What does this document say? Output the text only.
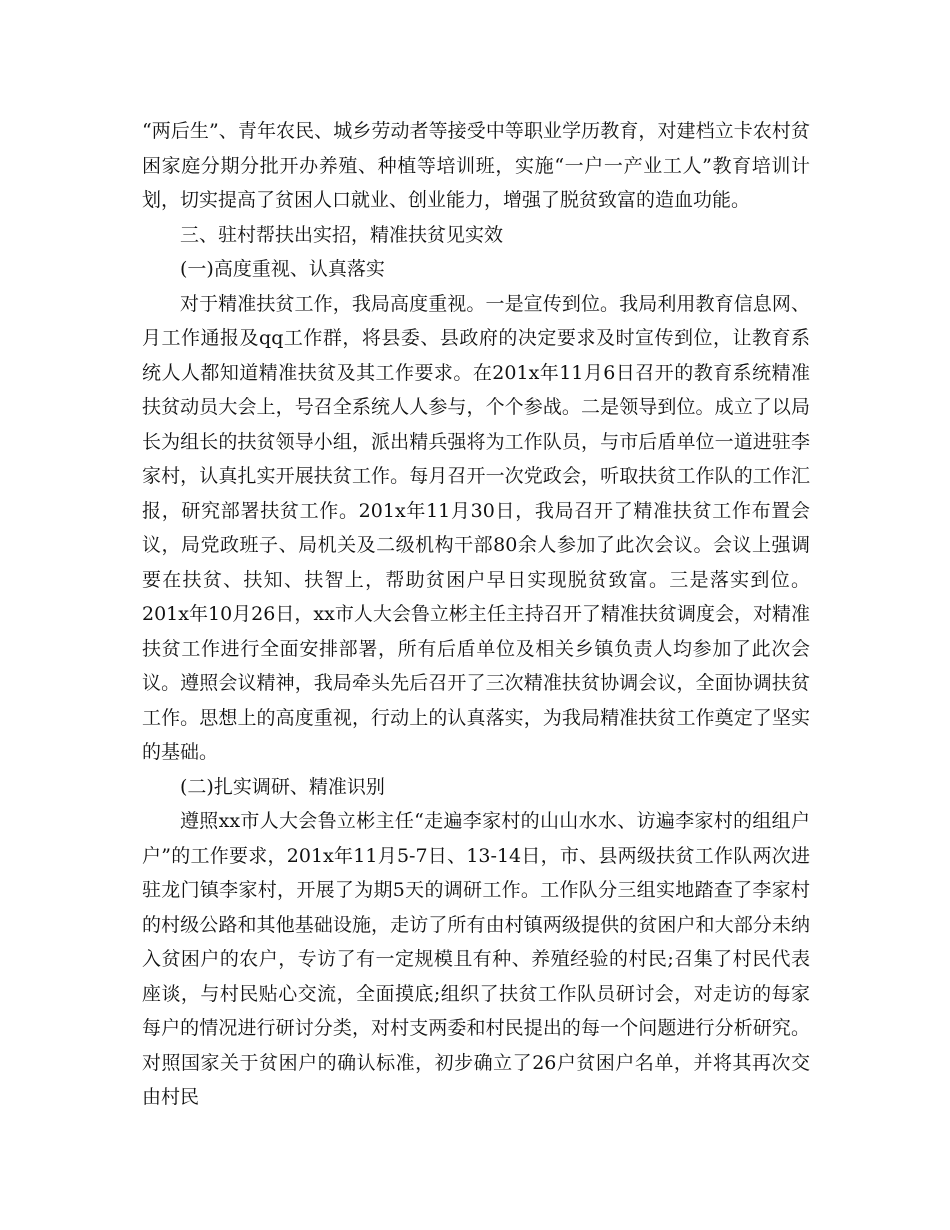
“两后生”、青年农民、城乡劳动者等接受中等职业学历教育，对建档立卡农村贫困家庭分期分批开办养殖、种植等培训班，实施“一户一产业工人”教育培训计划，切实提高了贫困人口就业、创业能力，增强了脱贫致富的造血功能。

三、驻村帮扶出实招，精准扶贫见实效

(一)高度重视、认真落实

对于精准扶贫工作，我局高度重视。一是宣传到位。我局利用教育信息网、月工作通报及qq工作群，将县委、县政府的决定要求及时宣传到位，让教育系统人人都知道精准扶贫及其工作要求。在201x年11月6日召开的教育系统精准扶贫动员大会上，号召全系统人人参与，个个参战。二是领导到位。成立了以局长为组长的扶贫领导小组，派出精兵强将为工作队员，与市后盾单位一道进驻李家村，认真扎实开展扶贫工作。每月召开一次党政会，听取扶贫工作队的工作汇报，研究部署扶贫工作。201x年11月30日，我局召开了精准扶贫工作布置会议，局党政班子、局机关及二级机构干部80余人参加了此次会议。会议上强调要在扶贫、扶知、扶智上，帮助贫困户早日实现脱贫致富。三是落实到位。201x年10月26日，xx市人大会鲁立彬主任主持召开了精准扶贫调度会，对精准扶贫工作进行全面安排部署，所有后盾单位及相关乡镇负责人均参加了此次会议。遵照会议精神，我局牵头先后召开了三次精准扶贫协调会议，全面协调扶贫工作。思想上的高度重视，行动上的认真落实，为我局精准扶贫工作奠定了坚实的基础。

(二)扎实调研、精准识别

遵照xx市人大会鲁立彬主任“走遍李家村的山山水水、访遍李家村的组组户户”的工作要求，201x年11月5-7日、13-14日，市、县两级扶贫工作队两次进驻龙门镇李家村，开展了为期5天的调研工作。工作队分三组实地踏查了李家村的村级公路和其他基础设施，走访了所有由村镇两级提供的贫困户和大部分未纳入贫困户的农户，专访了有一定规模且有种、养殖经验的村民;召集了村民代表座谈，与村民贴心交流，全面摸底;组织了扶贫工作队员研讨会，对走访的每家每户的情况进行研讨分类，对村支两委和村民提出的每一个问题进行分析研究。对照国家关于贫困户的确认标准，初步确立了26户贫困户名单，并将其再次交由村民
